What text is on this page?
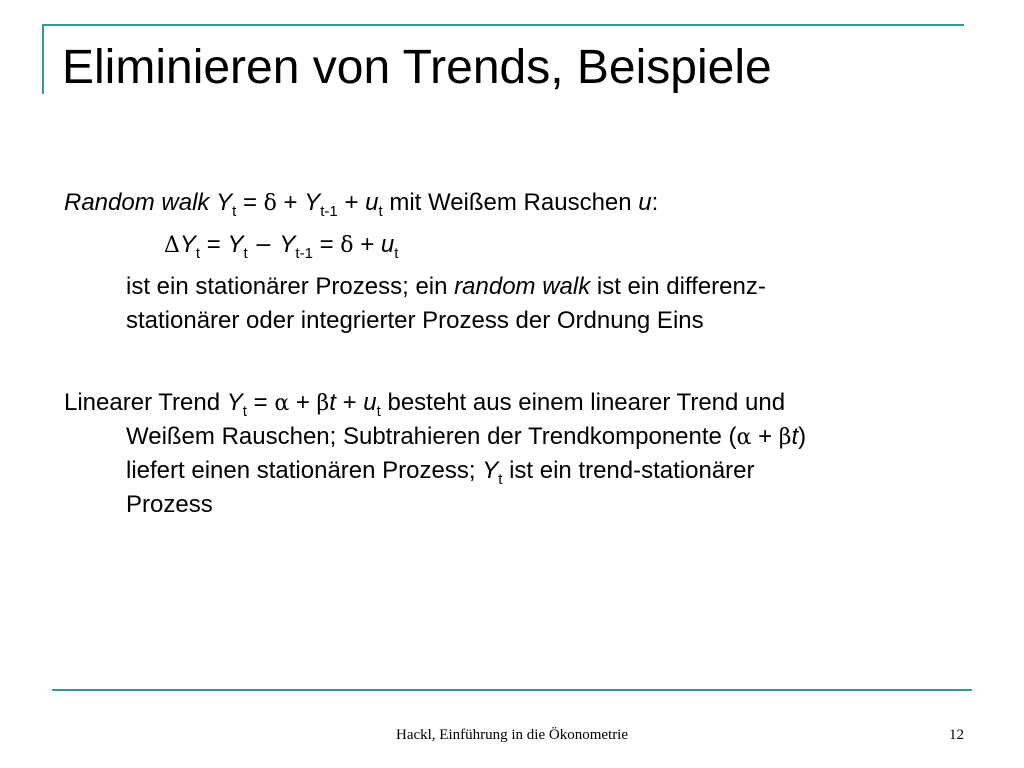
Eliminieren von Trends, Beispiele
Random walk $Y_t = \delta + Y_{t-1} + u_t$ mit Weißem Rauschen u:
$\Delta Y_t = Y_t - Y_{t-1} = \delta + u_t$
ist ein stationärer Prozess; ein random walk ist ein differenz-
stationärer oder integrierter Prozess der Ordnung Eins
Linearer Trend $Y_t = \alpha + \beta t + u_t$ besteht aus einem linearer Trend und
Weißem Rauschen; Subtrahieren der Trendkomponente (α + βt)
liefert einen stationären Prozess; $Y_t$ ist ein trend-stationärer
Prozess
Hackl, Einführung in die Ökonometrie	12
